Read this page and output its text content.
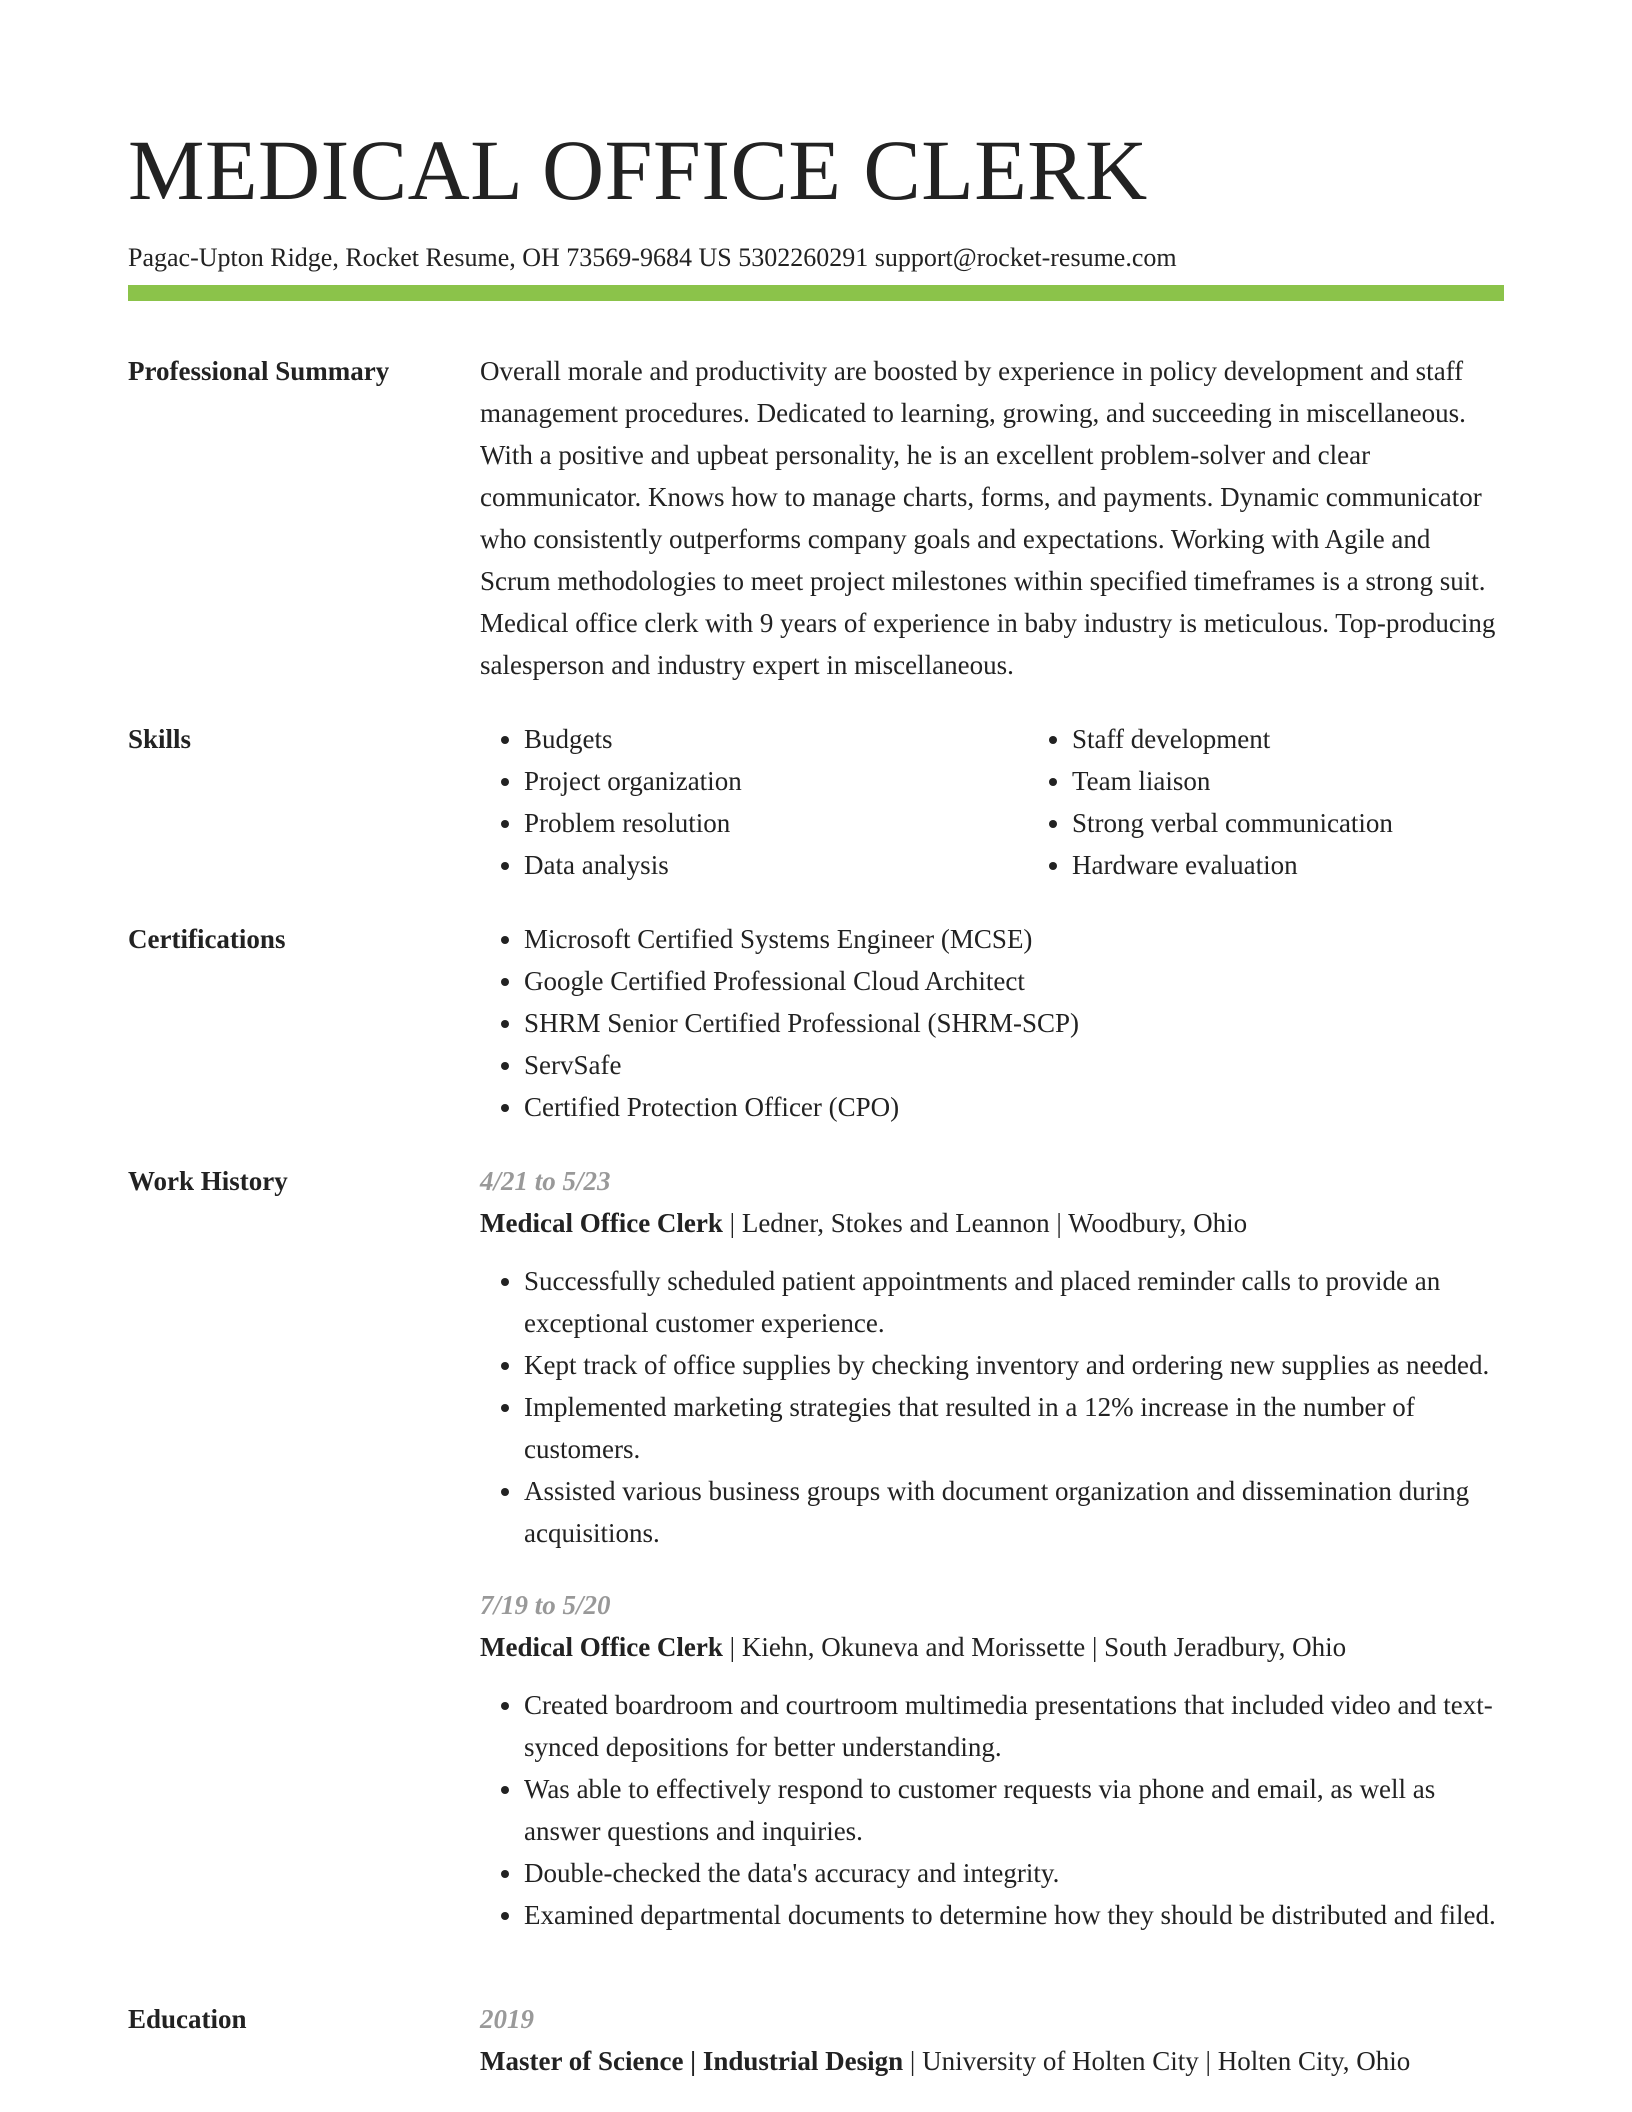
MEDICAL OFFICE CLERK
Pagac-Upton Ridge, Rocket Resume, OH 73569-9684 US 5302260291 support@rocket-resume.com
Professional Summary	Overall morale and productivity are boosted by experience in policy development and staff management procedures. Dedicated to learning, growing, and succeeding in miscellaneous. With a positive and upbeat personality, he is an excellent problem-solver and clear communicator. Knows how to manage charts, forms, and payments. Dynamic communicator who consistently outperforms company goals and expectations. Working with Agile and Scrum methodologies to meet project milestones within specified timeframes is a strong suit. Medical office clerk with 9 years of experience in baby industry is meticulous. Top-producing salesperson and industry expert in miscellaneous.

Skills	• Budgets
• Project organization
• Problem resolution
• Data analysis
• Staff development
• Team liaison
• Strong verbal communication
• Hardware evaluation
Certifications	• Microsoft Certified Systems Engineer (MCSE)
• Google Certified Professional Cloud Architect
• SHRM Senior Certified Professional (SHRM-SCP)
• ServSafe
• Certified Protection Officer (CPO)
Work History	4/21 to 5/23
Medical Office Clerk | Ledner, Stokes and Leannon | Woodbury, Ohio
• Successfully scheduled patient appointments and placed reminder calls to provide an exceptional customer experience.
• Kept track of office supplies by checking inventory and ordering new supplies as needed.
• Implemented marketing strategies that resulted in a 12% increase in the number of customers.
• Assisted various business groups with document organization and dissemination during acquisitions.
7/19 to 5/20
Medical Office Clerk | Kiehn, Okuneva and Morissette | South Jeradbury, Ohio
• Created boardroom and courtroom multimedia presentations that included video and text-synced depositions for better understanding.
• Was able to effectively respond to customer requests via phone and email, as well as answer questions and inquiries.
• Double-checked the data's accuracy and integrity.
• Examined departmental documents to determine how they should be distributed and filed.
Education	2019
Master of Science | Industrial Design | University of Holten City | Holten City, Ohio
